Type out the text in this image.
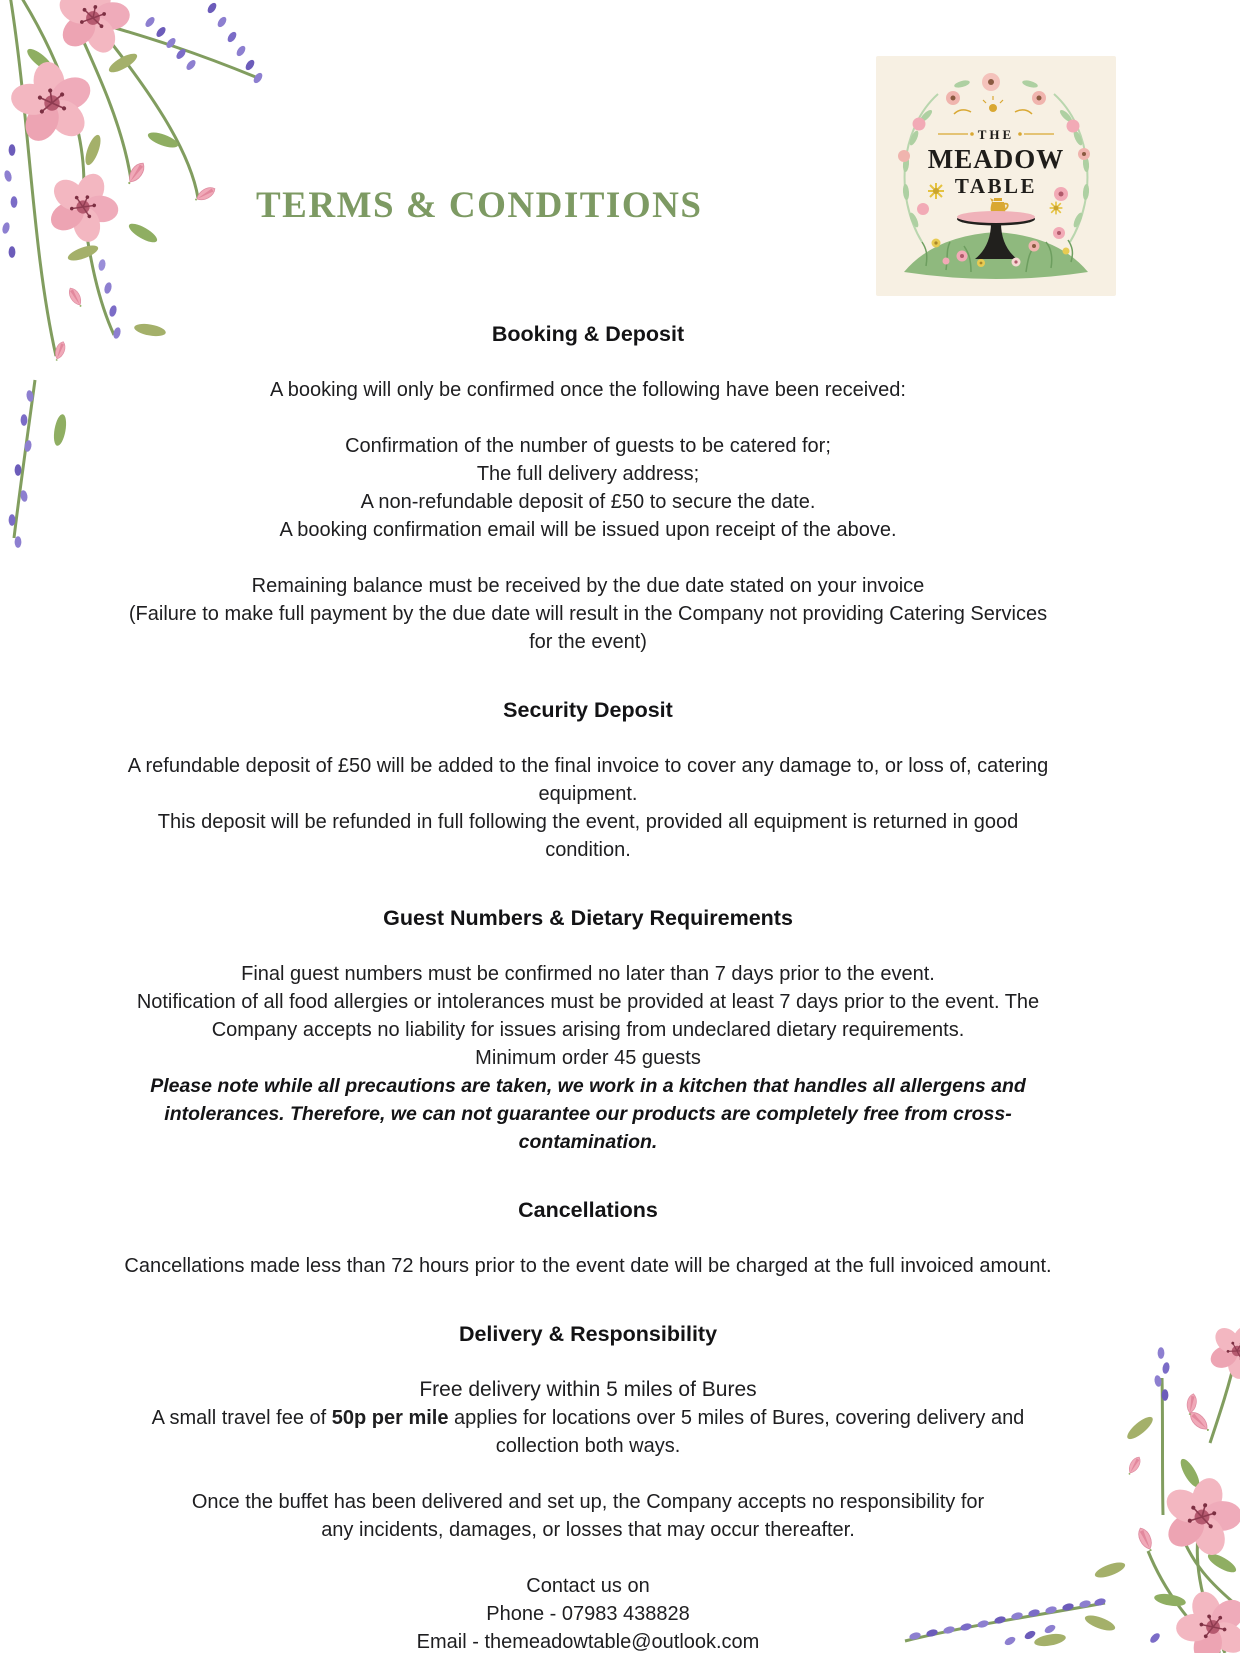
TERMS & CONDITIONS
THE
MEADOW
TABLE
Booking & Deposit
A booking will only be confirmed once the following have been received:
Confirmation of the number of guests to be catered for;
The full delivery address;
A non-refundable deposit of £50 to secure the date.
A booking confirmation email will be issued upon receipt of the above.
Remaining balance must be received by the due date stated on your invoice
(Failure to make full payment by the due date will result in the Company not providing Catering Services
for the event)
Security Deposit
A refundable deposit of £50 will be added to the final invoice to cover any damage to, or loss of, catering
equipment.
This deposit will be refunded in full following the event, provided all equipment is returned in good
condition.
Guest Numbers & Dietary Requirements
Final guest numbers must be confirmed no later than 7 days prior to the event.
Notification of all food allergies or intolerances must be provided at least 7 days prior to the event. The
Company accepts no liability for issues arising from undeclared dietary requirements.
Minimum order 45 guests
Please note while all precautions are taken, we work in a kitchen that handles all allergens and
intolerances. Therefore, we can not guarantee our products are completely free from cross-
contamination.
Cancellations
Cancellations made less than 72 hours prior to the event date will be charged at the full invoiced amount.
Delivery & Responsibility
Free delivery within 5 miles of Bures
A small travel fee of 50p per mile applies for locations over 5 miles of Bures, covering delivery and
collection both ways.
Once the buffet has been delivered and set up, the Company accepts no responsibility for
any incidents, damages, or losses that may occur thereafter.
Contact us on
Phone - 07983 438828
Email - themeadowtable@outlook.com
